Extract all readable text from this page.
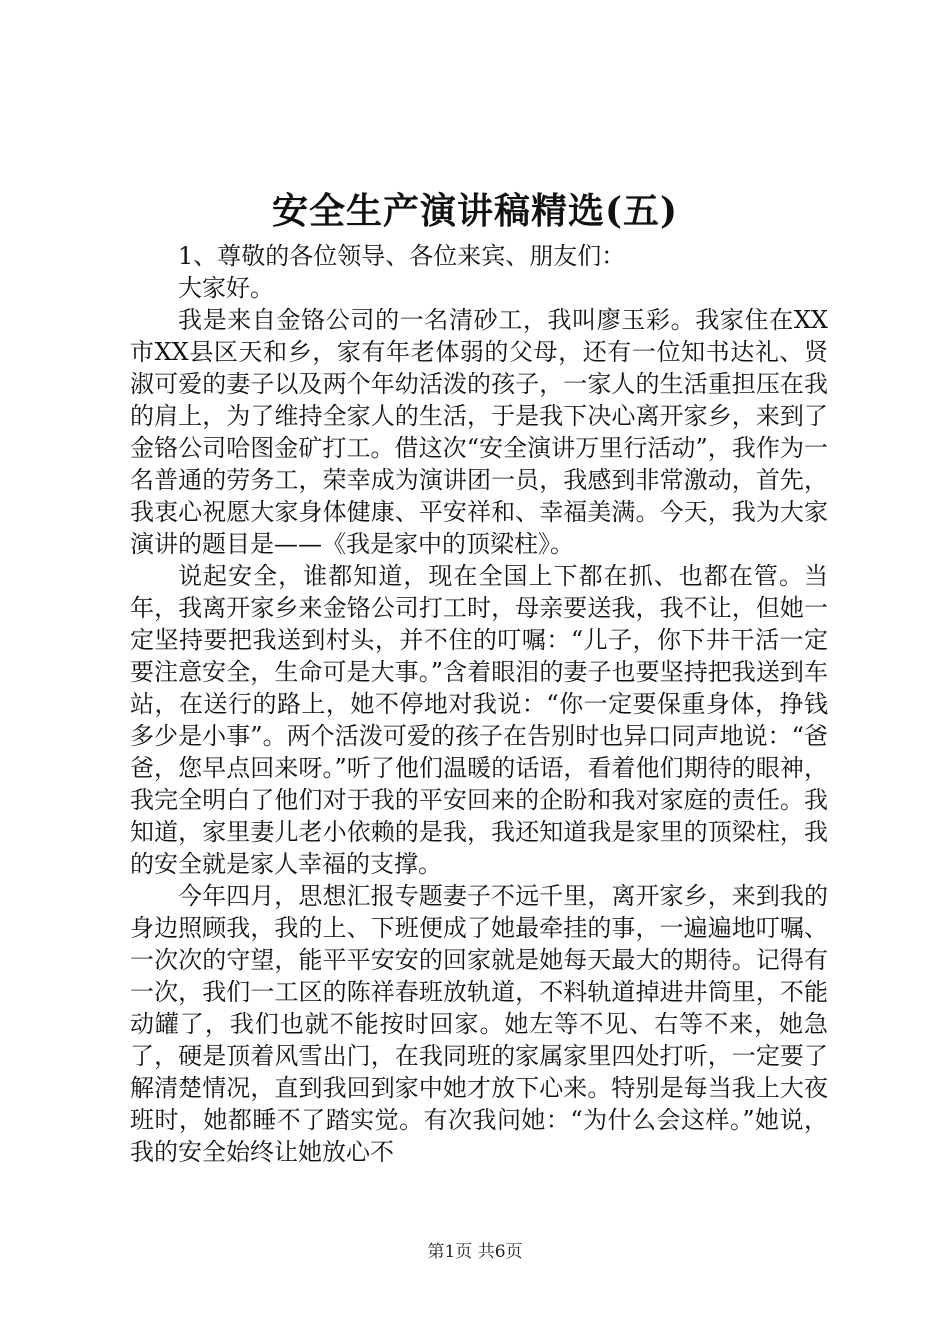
安全生产演讲稿精选(五)

1、尊敬的各位领导、各位来宾、朋友们：

大家好。

我是来自金铬公司的一名清砂工，我叫廖玉彩。我家住在XX市XX县区天和乡，家有年老体弱的父母，还有一位知书达礼、贤淑可爱的妻子以及两个年幼活泼的孩子，一家人的生活重担压在我的肩上，为了维持全家人的生活，于是我下决心离开家乡，来到了金铬公司哈图金矿打工。借这次“安全演讲万里行活动”，我作为一名普通的劳务工，荣幸成为演讲团一员，我感到非常激动，首先，我衷心祝愿大家身体健康、平安祥和、幸福美满。今天，我为大家演讲的题目是——《我是家中的顶梁柱》。

说起安全，谁都知道，现在全国上下都在抓、也都在管。当年，我离开家乡来金铬公司打工时，母亲要送我，我不让，但她一定坚持要把我送到村头，并不住的叮嘱：“儿子，你下井干活一定要注意安全，生命可是大事。”含着眼泪的妻子也要坚持把我送到车站，在送行的路上，她不停地对我说：“你一定要保重身体，挣钱多少是小事”。两个活泼可爱的孩子在告别时也异口同声地说：“爸爸，您早点回来呀。”听了他们温暖的话语，看着他们期待的眼神，我完全明白了他们对于我的平安回来的企盼和我对家庭的责任。我知道，家里妻儿老小依赖的是我，我还知道我是家里的顶梁柱，我的安全就是家人幸福的支撑。

今年四月，思想汇报专题妻子不远千里，离开家乡，来到我的身边照顾我，我的上、下班便成了她最牵挂的事，一遍遍地叮嘱、一次次的守望，能平平安安的回家就是她每天最大的期待。记得有一次，我们一工区的陈祥春班放轨道，不料轨道掉进井筒里，不能动罐了，我们也就不能按时回家。她左等不见、右等不来，她急了，硬是顶着风雪出门，在我同班的家属家里四处打听，一定要了解清楚情况，直到我回到家中她才放下心来。特别是每当我上大夜班时，她都睡不了踏实觉。有次我问她：“为什么会这样。”她说，我的安全始终让她放心不

第1页 共6页
